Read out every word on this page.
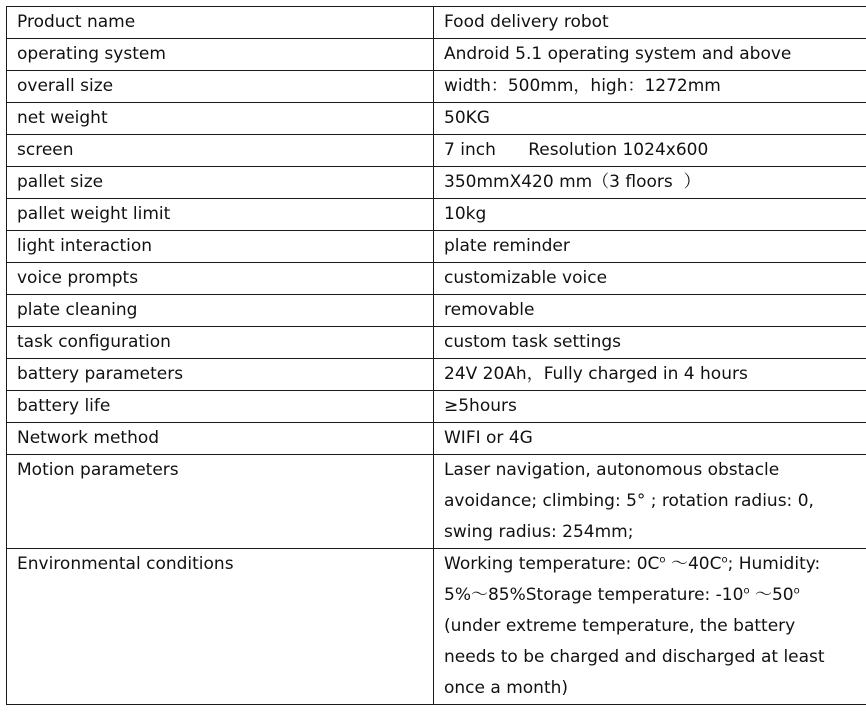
Product name	Food delivery robot
operating system	Android 5.1 operating system and above
overall size	width：500mm，high：1272mm
net weight	50KG
screen	7 inch      Resolution 1024x600
pallet size	350mmX420 mm（3 floors  ）
pallet weight limit	10kg
light interaction	plate reminder
voice prompts	customizable voice
plate cleaning	removable
task configuration	custom task settings
battery parameters	24V 20Ah，Fully charged in 4 hours
battery life	≥5hours
Network method	WIFI or 4G
Motion parameters	Laser navigation, autonomous obstacle
avoidance; climbing: 5° ; rotation radius: 0,
swing radius: 254mm;

Environmental conditions	Working temperature: $0C^o$ $\sim 40C^o$; Humidity:
5%～85%Storage temperature: -10$^o$ ～50$^o$
(under extreme temperature, the battery
needs to be charged and discharged at least
once a month)
